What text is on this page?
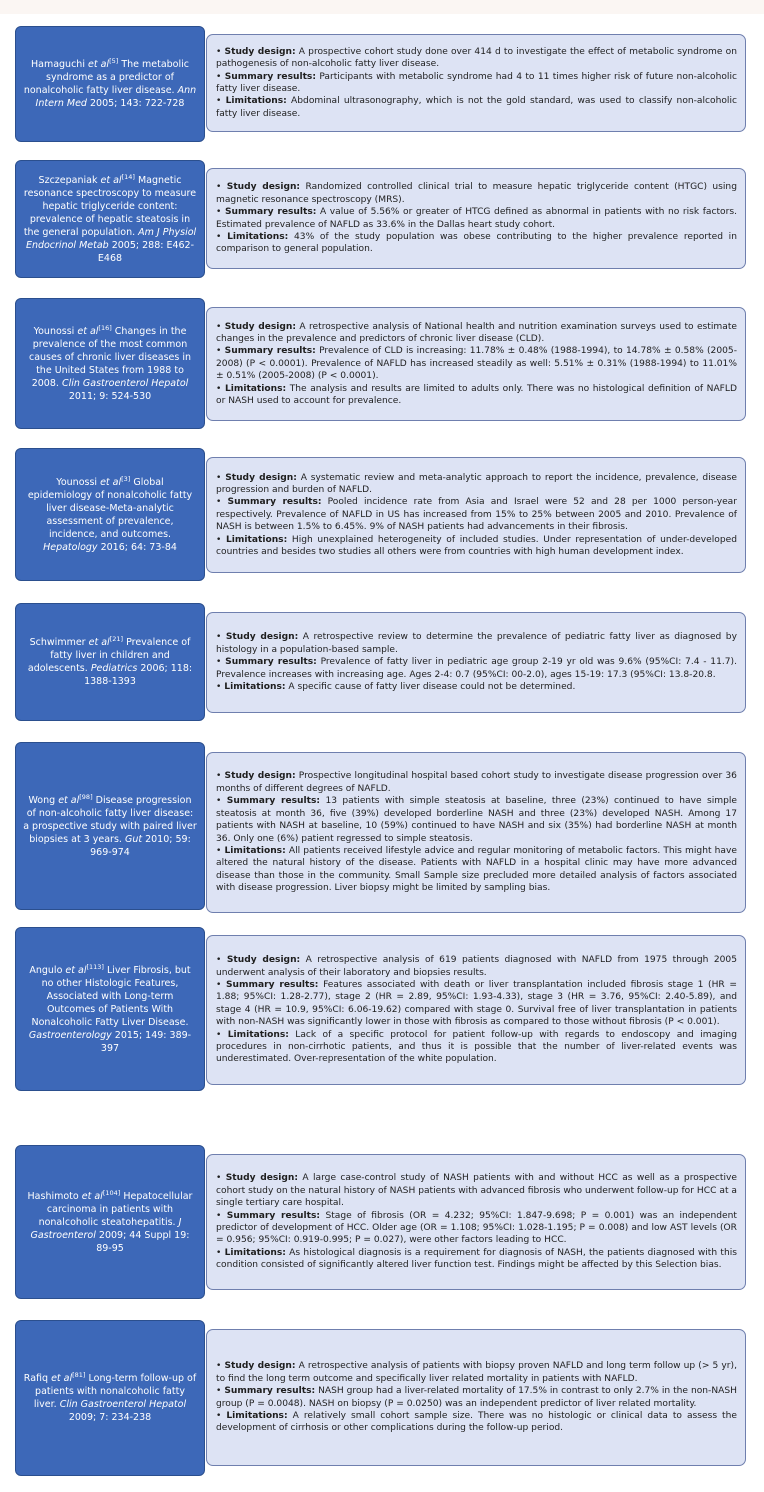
Hamaguchi et al[5] The metabolic syndrome as a predictor of nonalcoholic fatty liver disease. Ann Intern Med 2005; 143: 722-728

• Study design: A prospective cohort study done over 414 d to investigate the effect of metabolic syndrome on pathogenesis of non-alcoholic fatty liver disease.

• Summary results: Participants with metabolic syndrome had 4 to 11 times higher risk of future non-alcoholic fatty liver disease.

• Limitations: Abdominal ultrasonography, which is not the gold standard, was used to classify non-alcoholic fatty liver disease.

Szczepaniak et al[14] Magnetic resonance spectroscopy to measure hepatic triglyceride content: prevalence of hepatic steatosis in the general population. Am J Physiol Endocrinol Metab 2005; 288: E462-E468

• Study design: Randomized controlled clinical trial to measure hepatic triglyceride content (HTGC) using magnetic resonance spectroscopy (MRS).

• Summary results: A value of 5.56% or greater of HTCG defined as abnormal in patients with no risk factors. Estimated prevalence of NAFLD as 33.6% in the Dallas heart study cohort.

• Limitations: 43% of the study population was obese contributing to the higher prevalence reported in comparison to general population.

Younossi et al[16] Changes in the prevalence of the most common causes of chronic liver diseases in the United States from 1988 to 2008. Clin Gastroenterol Hepatol 2011; 9: 524-530

• Study design: A retrospective analysis of National health and nutrition examination surveys used to estimate changes in the prevalence and predictors of chronic liver disease (CLD).

• Summary results: Prevalence of CLD is increasing: 11.78% ± 0.48% (1988-1994), to 14.78% ± 0.58% (2005-2008) (P < 0.0001). Prevalence of NAFLD has increased steadily as well: 5.51% ± 0.31% (1988-1994) to 11.01% ± 0.51% (2005-2008) (P < 0.0001).

• Limitations: The analysis and results are limited to adults only. There was no histological definition of NAFLD or NASH used to account for prevalence.

Younossi et al[3] Global epidemiology of nonalcoholic fatty liver disease-Meta-analytic assessment of prevalence, incidence, and outcomes. Hepatology 2016; 64: 73-84

• Study design: A systematic review and meta-analytic approach to report the incidence, prevalence, disease progression and burden of NAFLD.

• Summary results: Pooled incidence rate from Asia and Israel were 52 and 28 per 1000 person-year respectively. Prevalence of NAFLD in US has increased from 15% to 25% between 2005 and 2010. Prevalence of NASH is between 1.5% to 6.45%. 9% of NASH patients had advancements in their fibrosis.

• Limitations: High unexplained heterogeneity of included studies. Under representation of under-developed countries and besides two studies all others were from countries with high human development index.

Schwimmer et al[21] Prevalence of fatty liver in children and adolescents. Pediatrics 2006; 118: 1388-1393

• Study design: A retrospective review to determine the prevalence of pediatric fatty liver as diagnosed by histology in a population-based sample.

• Summary results: Prevalence of fatty liver in pediatric age group 2-19 yr old was 9.6% (95%CI: 7.4 - 11.7). Prevalence increases with increasing age. Ages 2-4: 0.7 (95%CI: 00-2.0), ages 15-19: 17.3 (95%CI: 13.8-20.8.

• Limitations: A specific cause of fatty liver disease could not be determined.

Wong et al[98] Disease progression of non-alcoholic fatty liver disease: a prospective study with paired liver biopsies at 3 years. Gut 2010; 59: 969-974

• Study design: Prospective longitudinal hospital based cohort study to investigate disease progression over 36 months of different degrees of NAFLD.

• Summary results: 13 patients with simple steatosis at baseline, three (23%) continued to have simple steatosis at month 36, five (39%) developed borderline NASH and three (23%) developed NASH. Among 17 patients with NASH at baseline, 10 (59%) continued to have NASH and six (35%) had borderline NASH at month 36. Only one (6%) patient regressed to simple steatosis.

• Limitations: All patients received lifestyle advice and regular monitoring of metabolic factors. This might have altered the natural history of the disease. Patients with NAFLD in a hospital clinic may have more advanced disease than those in the community. Small Sample size precluded more detailed analysis of factors associated with disease progression. Liver biopsy might be limited by sampling bias.

Angulo et al[113] Liver Fibrosis, but no other Histologic Features, Associated with Long-term Outcomes of Patients With Nonalcoholic Fatty Liver Disease. Gastroenterology 2015; 149: 389-397

• Study design: A retrospective analysis of 619 patients diagnosed with NAFLD from 1975 through 2005 underwent analysis of their laboratory and biopsies results.

• Summary results: Features associated with death or liver transplantation included fibrosis stage 1 (HR = 1.88; 95%CI: 1.28-2.77), stage 2 (HR = 2.89, 95%CI: 1.93-4.33), stage 3 (HR = 3.76, 95%CI: 2.40-5.89), and stage 4 (HR = 10.9, 95%CI: 6.06-19.62) compared with stage 0. Survival free of liver transplantation in patients with non-NASH was significantly lower in those with fibrosis as compared to those without fibrosis (P < 0.001).

• Limitations: Lack of a specific protocol for patient follow-up with regards to endoscopy and imaging procedures in non-cirrhotic patients, and thus it is possible that the number of liver-related events was underestimated. Over-representation of the white population.

Hashimoto et al[104] Hepatocellular carcinoma in patients with nonalcoholic steatohepatitis. J Gastroenterol 2009; 44 Suppl 19: 89-95

• Study design: A large case-control study of NASH patients with and without HCC as well as a prospective cohort study on the natural history of NASH patients with advanced fibrosis who underwent follow-up for HCC at a single tertiary care hospital.

• Summary results: Stage of fibrosis (OR = 4.232; 95%CI: 1.847-9.698; P = 0.001) was an independent predictor of development of HCC. Older age (OR = 1.108; 95%CI: 1.028-1.195; P = 0.008) and low AST levels (OR = 0.956; 95%CI: 0.919-0.995; P = 0.027), were other factors leading to HCC.

• Limitations: As histological diagnosis is a requirement for diagnosis of NASH, the patients diagnosed with this condition consisted of significantly altered liver function test. Findings might be affected by this Selection bias.

Rafiq et al[81] Long-term follow-up of patients with nonalcoholic fatty liver. Clin Gastroenterol Hepatol 2009; 7: 234-238

• Study design: A retrospective analysis of patients with biopsy proven NAFLD and long term follow up (> 5 yr), to find the long term outcome and specifically liver related mortality in patients with NAFLD.

• Summary results: NASH group had a liver-related mortality of 17.5% in contrast to only 2.7% in the non-NASH group (P = 0.0048). NASH on biopsy (P = 0.0250) was an independent predictor of liver related mortality.

• Limitations: A relatively small cohort sample size. There was no histologic or clinical data to assess the development of cirrhosis or other complications during the follow-up period.
